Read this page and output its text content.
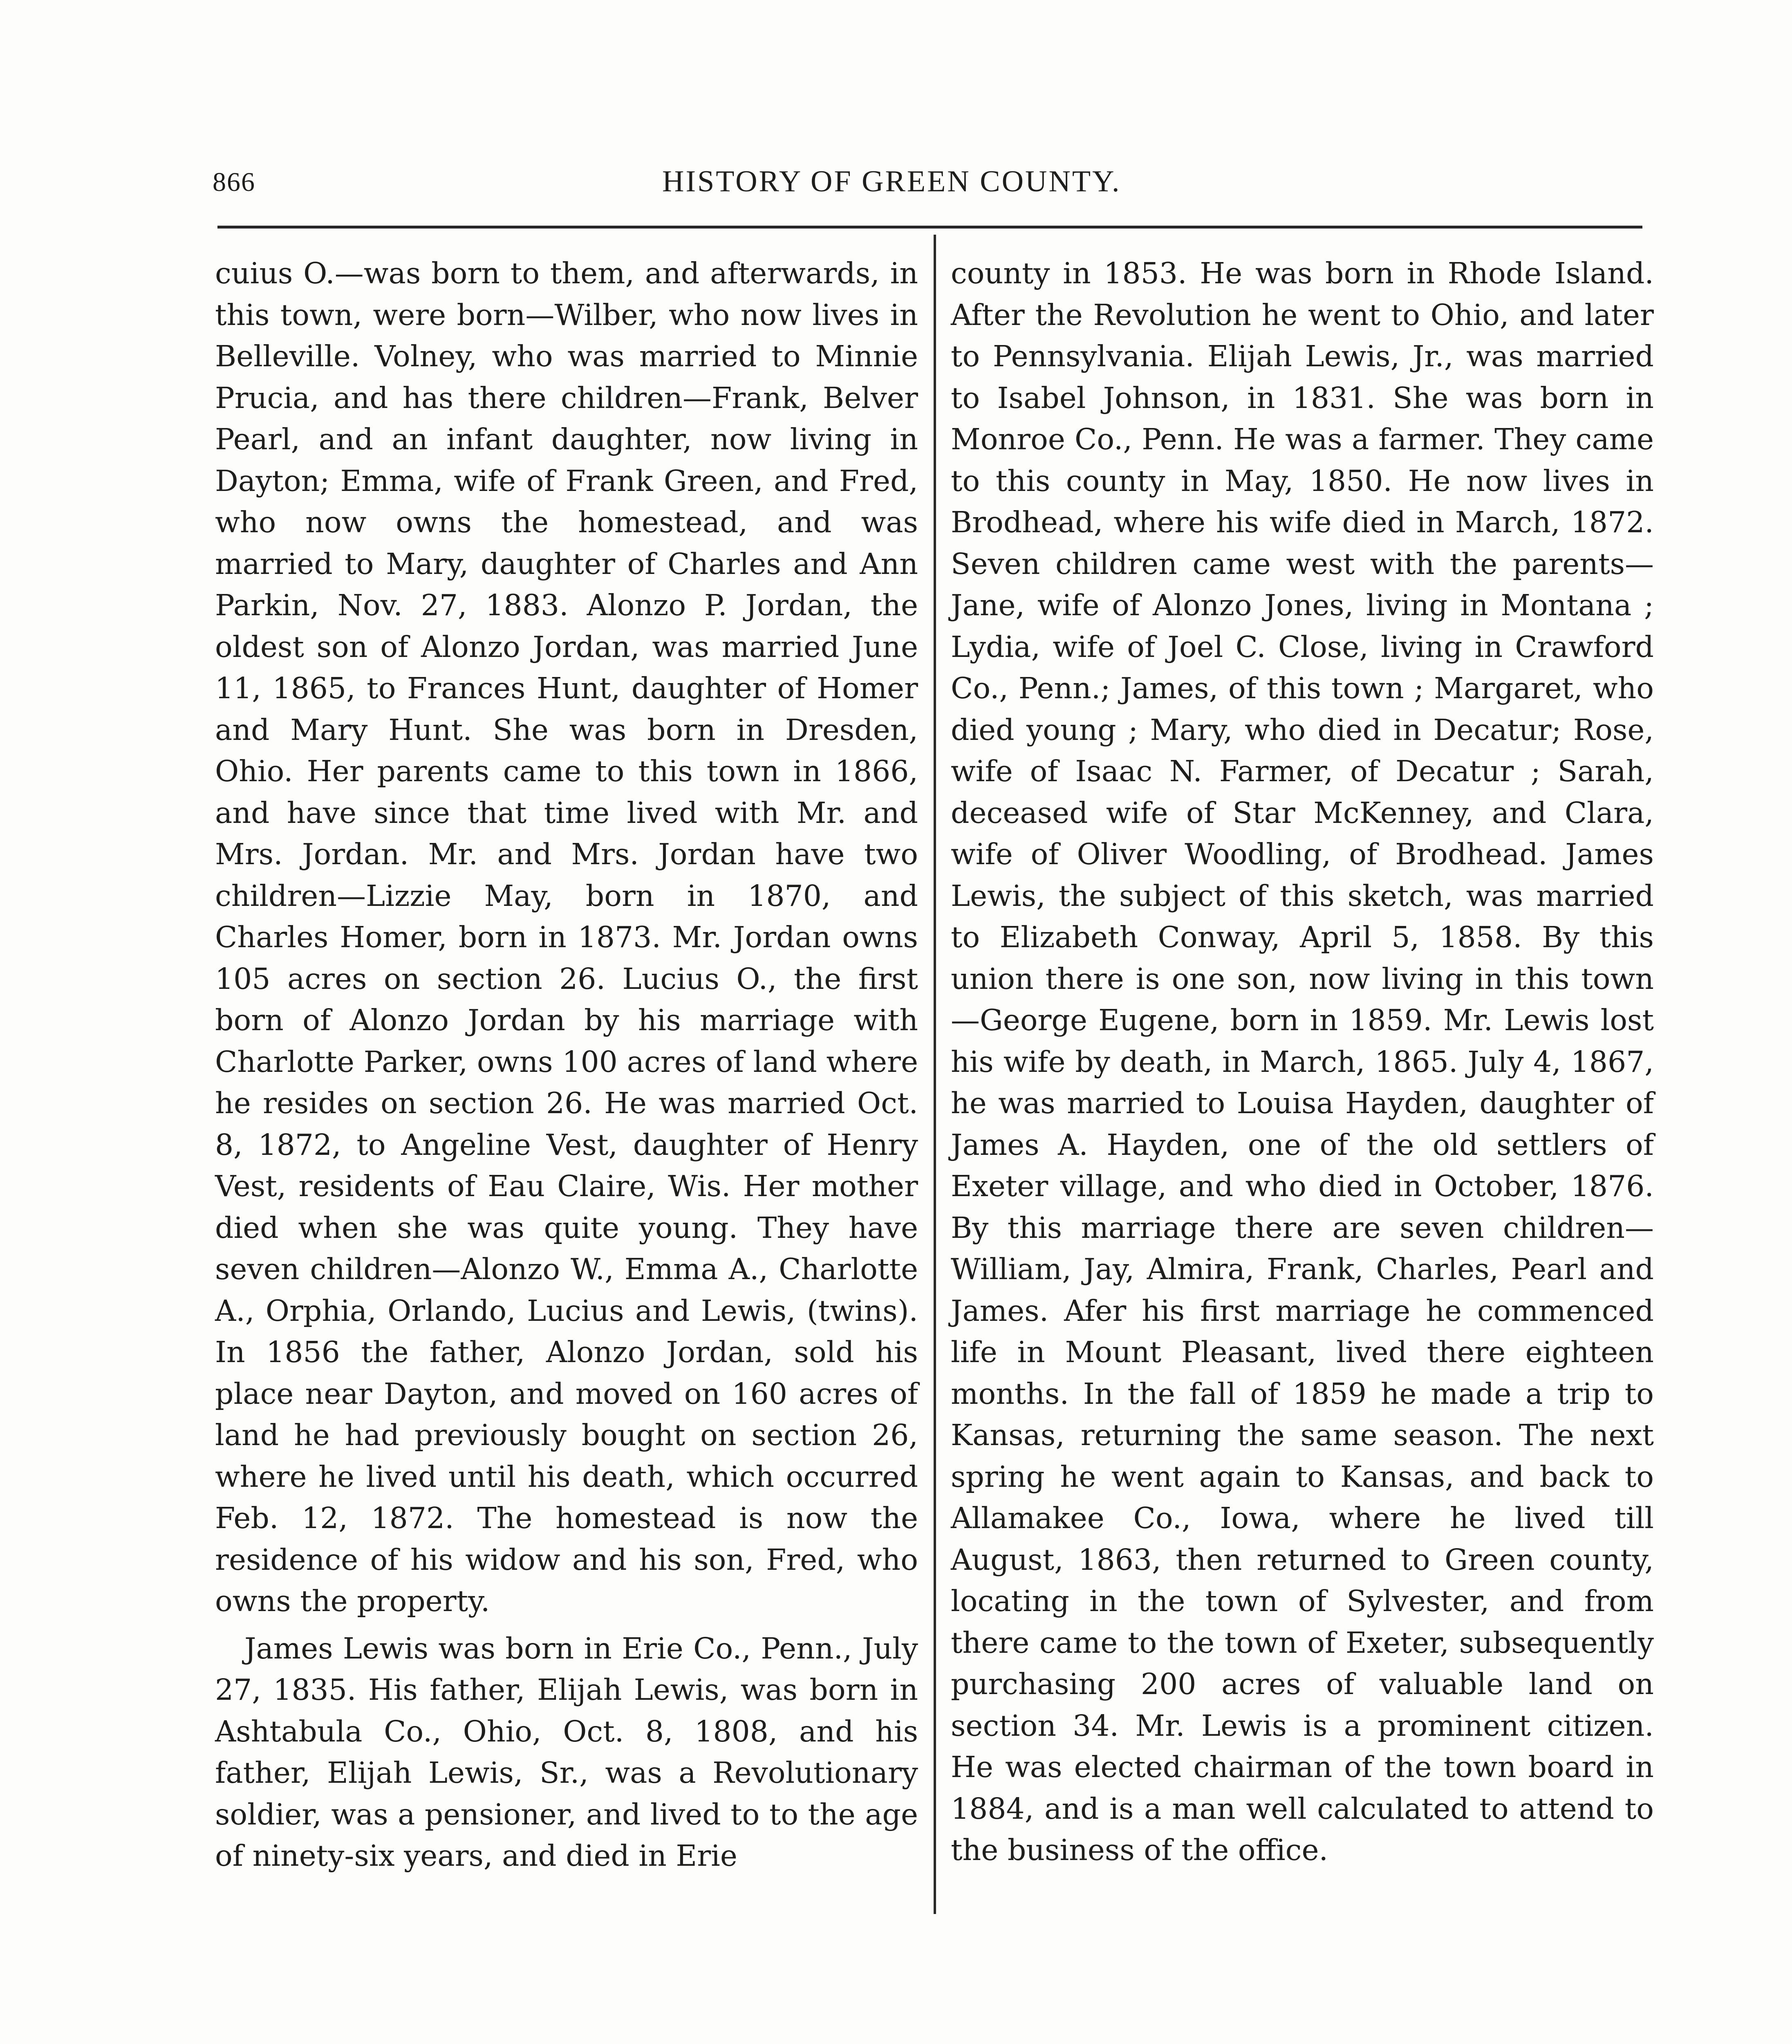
866	HISTORY OF GREEN COUNTY.

cuius O.—was born to them, and afterwards, in this town, were born—Wilber, who now lives in Belleville. Volney, who was married to Minnie Prucia, and has there children—Frank, Belver Pearl, and an infant daughter, now living in Dayton; Emma, wife of Frank Green, and Fred, who now owns the homestead, and was married to Mary, daughter of Charles and Ann Parkin, Nov. 27, 1883. Alonzo P. Jordan, the oldest son of Alonzo Jordan, was married June 11, 1865, to Frances Hunt, daughter of Homer and Mary Hunt. She was born in Dresden, Ohio. Her parents came to this town in 1866, and have since that time lived with Mr. and Mrs. Jordan. Mr. and Mrs. Jordan have two children—Lizzie May, born in 1870, and Charles Homer, born in 1873. Mr. Jordan owns 105 acres on section 26. Lucius O., the first born of Alonzo Jordan by his marriage with Charlotte Parker, owns 100 acres of land where he resides on section 26. He was married Oct. 8, 1872, to Angeline Vest, daughter of Henry Vest, residents of Eau Claire, Wis. Her mother died when she was quite young. They have seven children—Alonzo W., Emma A., Charlotte A., Orphia, Orlando, Lucius and Lewis, (twins). In 1856 the father, Alonzo Jordan, sold his place near Dayton, and moved on 160 acres of land he had previously bought on section 26, where he lived until his death, which occurred Feb. 12, 1872. The homestead is now the residence of his widow and his son, Fred, who owns the property.

James Lewis was born in Erie Co., Penn., July 27, 1835. His father, Elijah Lewis, was born in Ashtabula Co., Ohio, Oct. 8, 1808, and his father, Elijah Lewis, Sr., was a Revolutionary soldier, was a pensioner, and lived to to the age of ninety-six years, and died in Erie

county in 1853. He was born in Rhode Island. After the Revolution he went to Ohio, and later to Pennsylvania. Elijah Lewis, Jr., was married to Isabel Johnson, in 1831. She was born in Monroe Co., Penn. He was a farmer. They came to this county in May, 1850. He now lives in Brodhead, where his wife died in March, 1872. Seven children came west with the parents—Jane, wife of Alonzo Jones, living in Montana ; Lydia, wife of Joel C. Close, living in Crawford Co., Penn.; James, of this town ; Margaret, who died young ; Mary, who died in Decatur; Rose, wife of Isaac N. Farmer, of Decatur ; Sarah, deceased wife of Star McKenney, and Clara, wife of Oliver Woodling, of Brodhead. James Lewis, the subject of this sketch, was married to Elizabeth Conway, April 5, 1858. By this union there is one son, now living in this town—George Eugene, born in 1859. Mr. Lewis lost his wife by death, in March, 1865. July 4, 1867, he was married to Louisa Hayden, daughter of James A. Hayden, one of the old settlers of Exeter village, and who died in October, 1876. By this marriage there are seven children—William, Jay, Almira, Frank, Charles, Pearl and James. Afer his first marriage he commenced life in Mount Pleasant, lived there eighteen months. In the fall of 1859 he made a trip to Kansas, returning the same season. The next spring he went again to Kansas, and back to Allamakee Co., Iowa, where he lived till August, 1863, then returned to Green county, locating in the town of Sylvester, and from there came to the town of Exeter, subsequently purchasing 200 acres of valuable land on section 34. Mr. Lewis is a prominent citizen. He was elected chairman of the town board in 1884, and is a man well calculated to attend to the business of the office.
